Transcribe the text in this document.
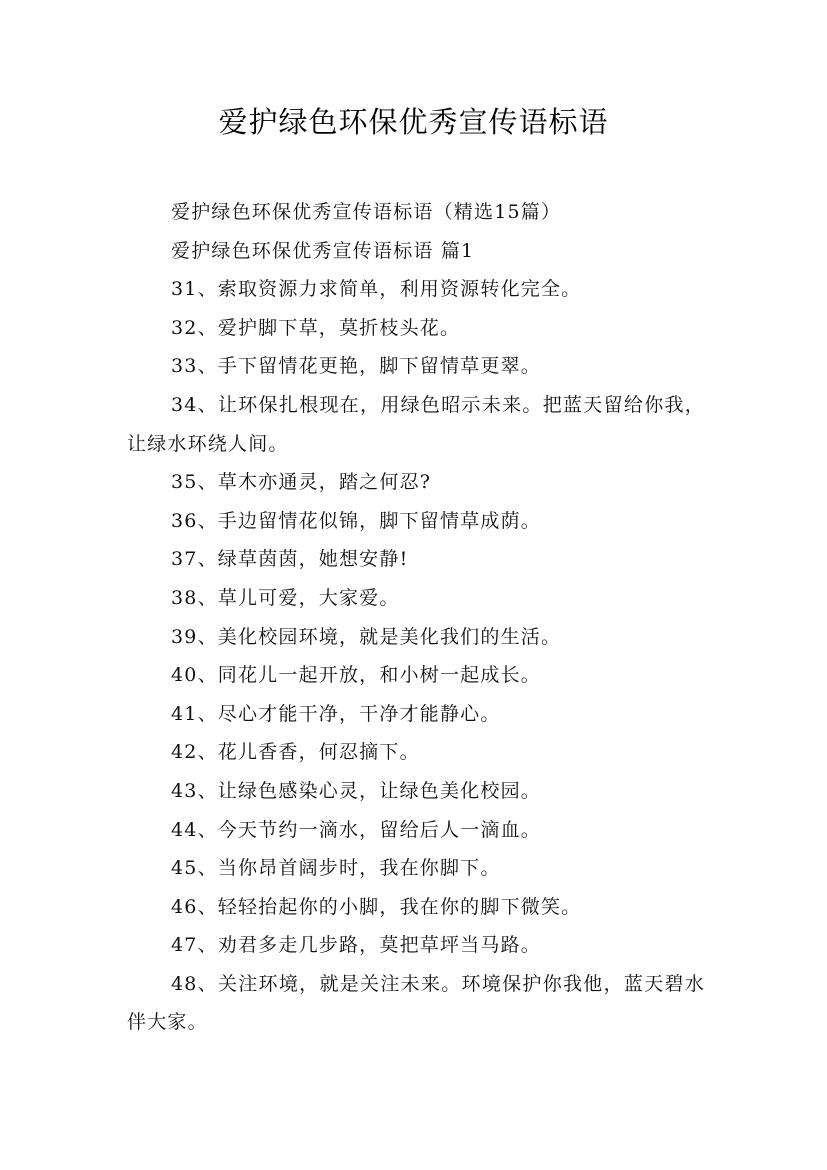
爱护绿色环保优秀宣传语标语

爱护绿色环保优秀宣传语标语（精选15篇）

爱护绿色环保优秀宣传语标语 篇1

31、索取资源力求简单，利用资源转化完全。

32、爱护脚下草，莫折枝头花。

33、手下留情花更艳，脚下留情草更翠。

34、让环保扎根现在，用绿色昭示未来。把蓝天留给你我，让绿水环绕人间。

35、草木亦通灵，踏之何忍?

36、手边留情花似锦，脚下留情草成荫。

37、绿草茵茵，她想安静!

38、草儿可爱，大家爱。

39、美化校园环境，就是美化我们的生活。

40、同花儿一起开放，和小树一起成长。

41、尽心才能干净，干净才能静心。

42、花儿香香，何忍摘下。

43、让绿色感染心灵，让绿色美化校园。

44、今天节约一滴水，留给后人一滴血。

45、当你昂首阔步时，我在你脚下。

46、轻轻抬起你的小脚，我在你的脚下微笑。

47、劝君多走几步路，莫把草坪当马路。

48、关注环境，就是关注未来。环境保护你我他，蓝天碧水伴大家。
